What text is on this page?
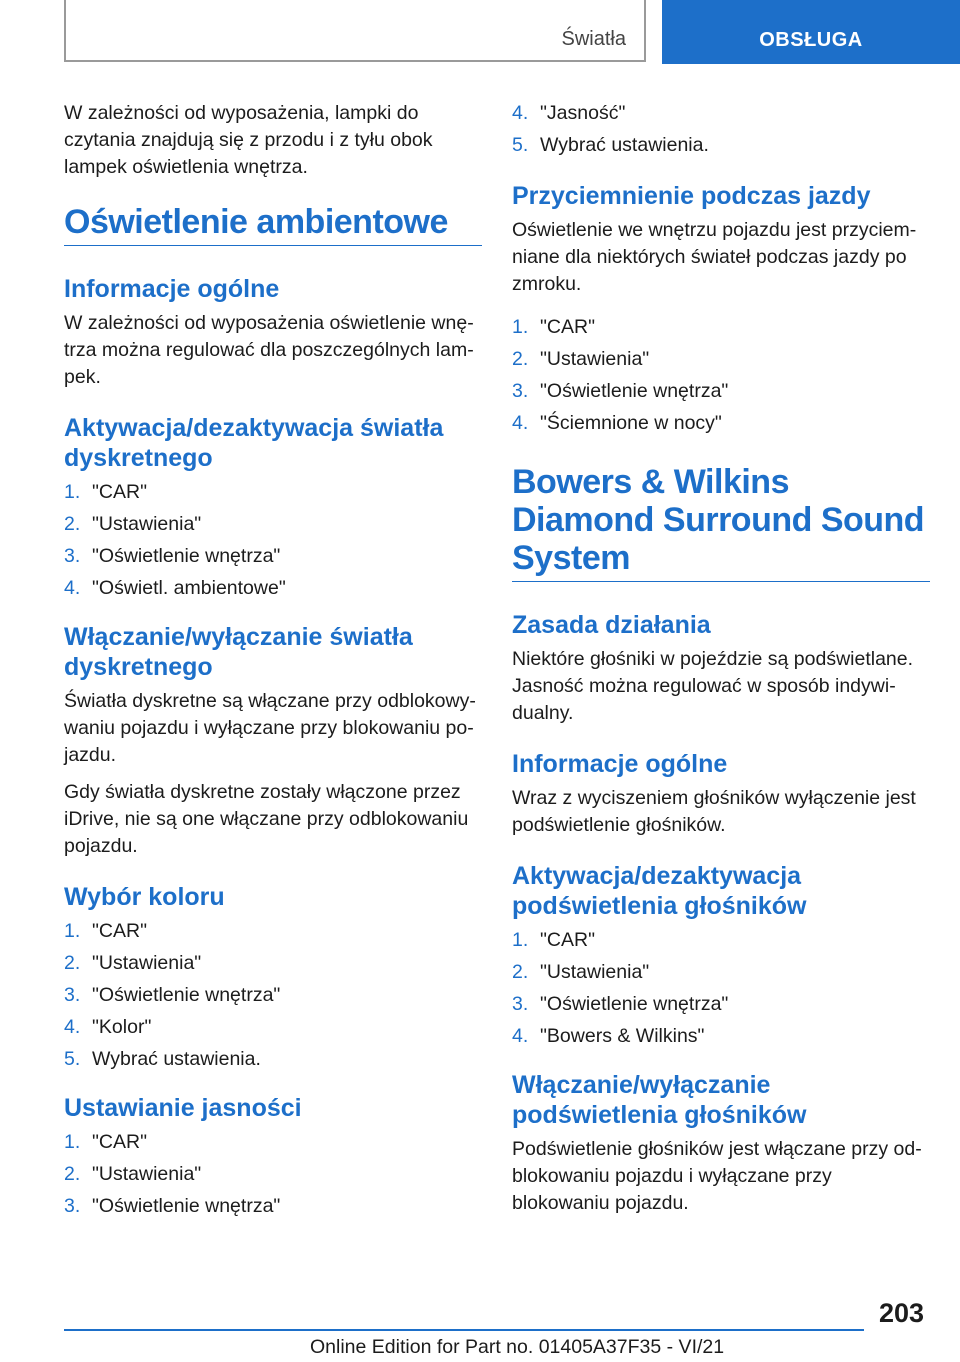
Światła	OBSŁUGA

W zależności od wyposażenia, lampki do czytania znajdują się z przodu i z tyłu obok lampek oświetlenia wnętrza.

Oświetlenie ambientowe
Informacje ogólne

W zależności od wyposażenia oświetlenie wnętrza można regulować dla poszczególnych lampek.

Aktywacja/dezaktywacja światła dyskretnego
1. "CAR"
2. "Ustawienia"
3. "Oświetlenie wnętrza"
4. "Oświetl. ambientowe"
Włączanie/wyłączanie światła dyskretnego

Światła dyskretne są włączane przy odblokowywaniu pojazdu i wyłączane przy blokowaniu pojazdu.

Gdy światła dyskretne zostały włączone przez iDrive, nie są one włączane przy odblokowaniu pojazdu.

Wybór koloru
1. "CAR"
2. "Ustawienia"
3. "Oświetlenie wnętrza"
4. "Kolor"
5. Wybrać ustawienia.
Ustawianie jasności
1. "CAR"
2. "Ustawienia"
3. "Oświetlenie wnętrza"
4. "Jasność"
5. Wybrać ustawienia.
Przyciemnienie podczas jazdy

Oświetlenie we wnętrzu pojazdu jest przyciemniane dla niektórych świateł podczas jazdy po zmroku.

1. "CAR"
2. "Ustawienia"
3. "Oświetlenie wnętrza"
4. "Ściemnione w nocy"
Bowers & Wilkins Diamond Surround Sound System
Zasada działania

Niektóre głośniki w pojeździe są podświetlane. Jasność można regulować w sposób indywidualny.

Informacje ogólne

Wraz z wyciszeniem głośników wyłączenie jest podświetlenie głośników.

Aktywacja/dezaktywacja podświetlenia głośników
1. "CAR"
2. "Ustawienia"
3. "Oświetlenie wnętrza"
4. "Bowers & Wilkins"
Włączanie/wyłączanie podświetlenia głośników

Podświetlenie głośników jest włączane przy odblokowaniu pojazdu i wyłączane przy blokowaniu pojazdu.

203
Online Edition for Part no. 01405A37F35 - VI/21
